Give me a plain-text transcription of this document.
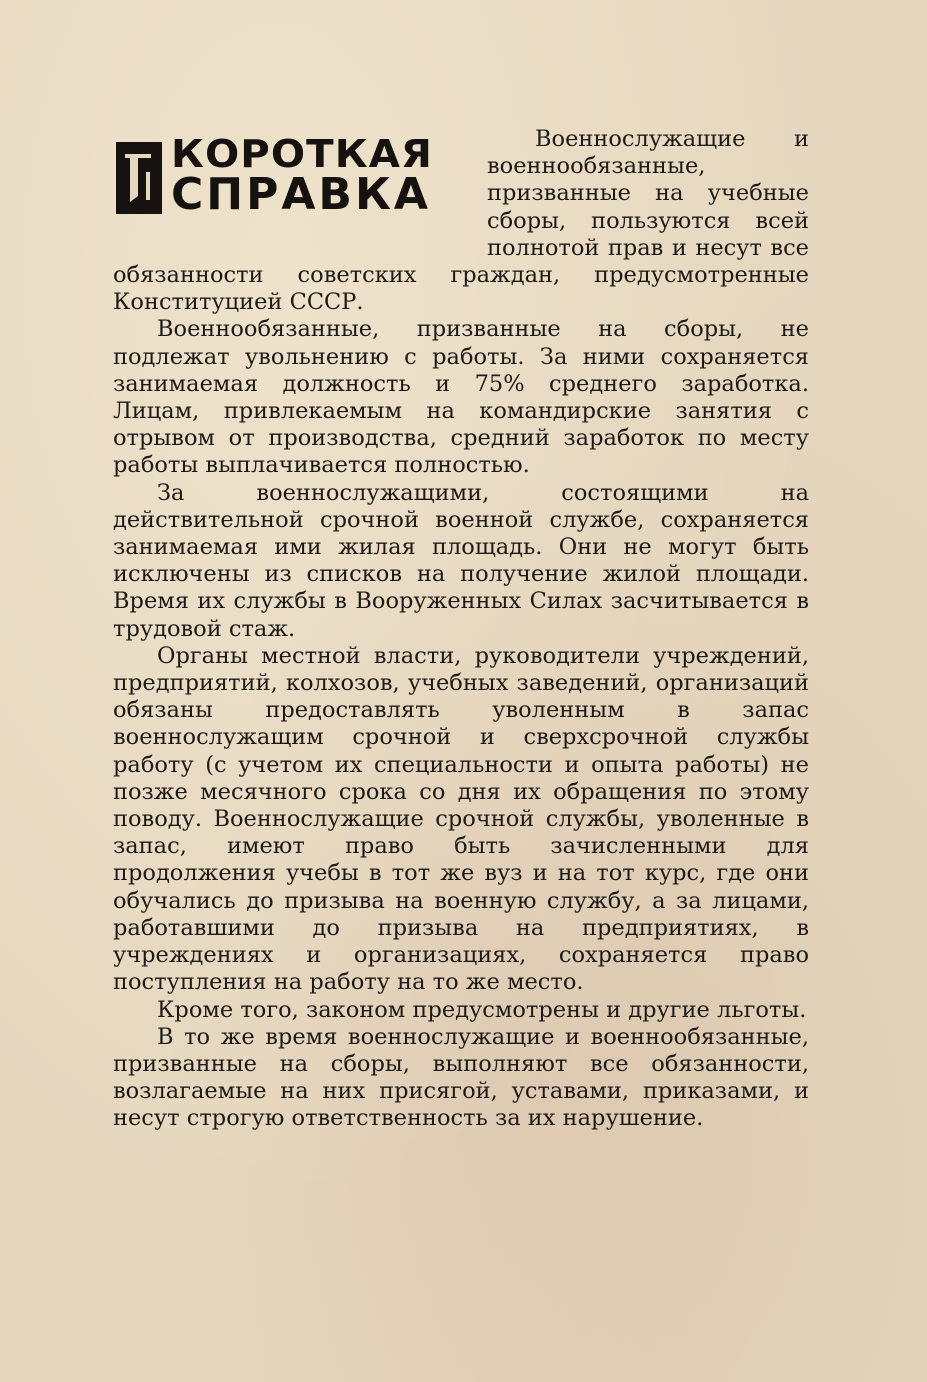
КОРОТКАЯ
СПРАВКА

Военнослужащие и военнообязанные, призванные на учебные сборы, пользуются всей полнотой прав и несут все обязанности советских граждан, предусмотренные Конституцией СССР.

Военнообязанные, призванные на сборы, не подлежат увольнению с работы. За ними сохраняется занимаемая должность и 75% среднего заработка. Лицам, привлекаемым на командирские занятия с отрывом от производства, средний заработок по месту работы выплачивается полностью.

За военнослужащими, состоящими на действительной срочной военной службе, сохраняется занимаемая ими жилая площадь. Они не могут быть исключены из списков на получение жилой площади. Время их службы в Вооруженных Силах засчитывается в трудовой стаж.

Органы местной власти, руководители учреждений, предприятий, колхозов, учебных заведений, организаций обязаны предоставлять уволенным в запас военнослужащим срочной и сверхсрочной службы работу (с учетом их специальности и опыта работы) не позже месячного срока со дня их обращения по этому поводу. Военнослужащие срочной службы, уволенные в запас, имеют право быть зачисленными для продолжения учебы в тот же вуз и на тот курс, где они обучались до призыва на военную службу, а за лицами, работавшими до призыва на предприятиях, в учреждениях и организациях, сохраняется право поступления на работу на то же место.

Кроме того, законом предусмотрены и другие льготы.

В то же время военнослужащие и военнообязанные, призванные на сборы, выполняют все обязанности, возлагаемые на них присягой, уставами, приказами, и несут строгую ответственность за их нарушение.
